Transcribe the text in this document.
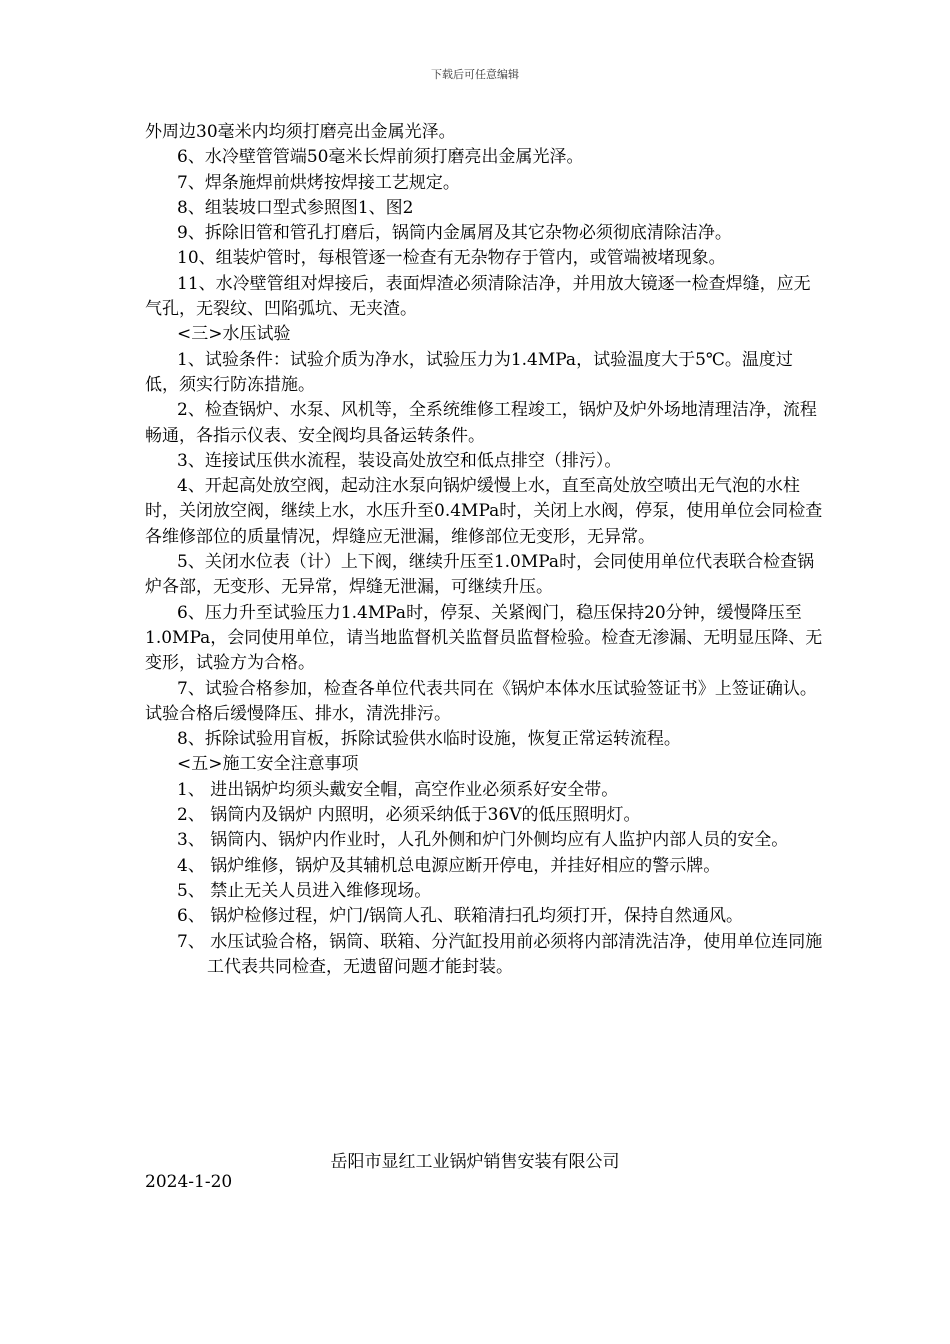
下载后可任意编辑

外周边30毫米内均须打磨亮出金属光泽。

6、水冷壁管管端50毫米长焊前须打磨亮出金属光泽。

7、焊条施焊前烘烤按焊接工艺规定。

8、组装坡口型式参照图1、图2

9、拆除旧管和管孔打磨后，锅筒内金属屑及其它杂物必须彻底清除洁净。

10、组装炉管时，每根管逐一检查有无杂物存于管内，或管端被堵现象。

11、水冷壁管组对焊接后，表面焊渣必须清除洁净，并用放大镜逐一检查焊缝，应无气孔，无裂纹、凹陷弧坑、无夹渣。

<三>水压试验

1、试验条件：试验介质为净水，试验压力为1.4MPa，试验温度大于5℃。温度过低，须实行防冻措施。

2、检查锅炉、水泵、风机等，全系统维修工程竣工，锅炉及炉外场地清理洁净，流程畅通，各指示仪表、安全阀均具备运转条件。

3、连接试压供水流程，装设高处放空和低点排空（排污）。

4、开起高处放空阀，起动注水泵向锅炉缓慢上水，直至高处放空喷出无气泡的水柱时，关闭放空阀，继续上水，水压升至0.4MPa时，关闭上水阀，停泵，使用单位会同检查各维修部位的质量情况，焊缝应无泄漏，维修部位无变形，无异常。

5、关闭水位表（计）上下阀，继续升压至1.0MPa时，会同使用单位代表联合检查锅炉各部，无变形、无异常，焊缝无泄漏，可继续升压。

6、压力升至试验压力1.4MPa时，停泵、关紧阀门，稳压保持20分钟，缓慢降压至1.0MPa，会同使用单位，请当地监督机关监督员监督检验。检查无渗漏、无明显压降、无变形，试验方为合格。

7、试验合格参加，检查各单位代表共同在《锅炉本体水压试验签证书》上签证确认。试验合格后缓慢降压、排水，清洗排污。

8、拆除试验用盲板，拆除试验供水临时设施，恢复正常运转流程。

<五>施工安全注意事项

1、 进出锅炉均须头戴安全帽，高空作业必须系好安全带。

2、 锅筒内及锅炉 内照明，必须采纳低于36V的低压照明灯。

3、 锅筒内、锅炉内作业时，人孔外侧和炉门外侧均应有人监护内部人员的安全。

4、 锅炉维修，锅炉及其辅机总电源应断开停电，并挂好相应的警示牌。

5、 禁止无关人员进入维修现场。

6、 锅炉检修过程，炉门/锅筒人孔、联箱清扫孔均须打开，保持自然通风。

7、 水压试验合格，锅筒、联箱、分汽缸投用前必须将内部清洗洁净，使用单位连同施工代表共同检查，无遗留问题才能封装。

岳阳市显红工业锅炉销售安装有限公司
2024-1-20
